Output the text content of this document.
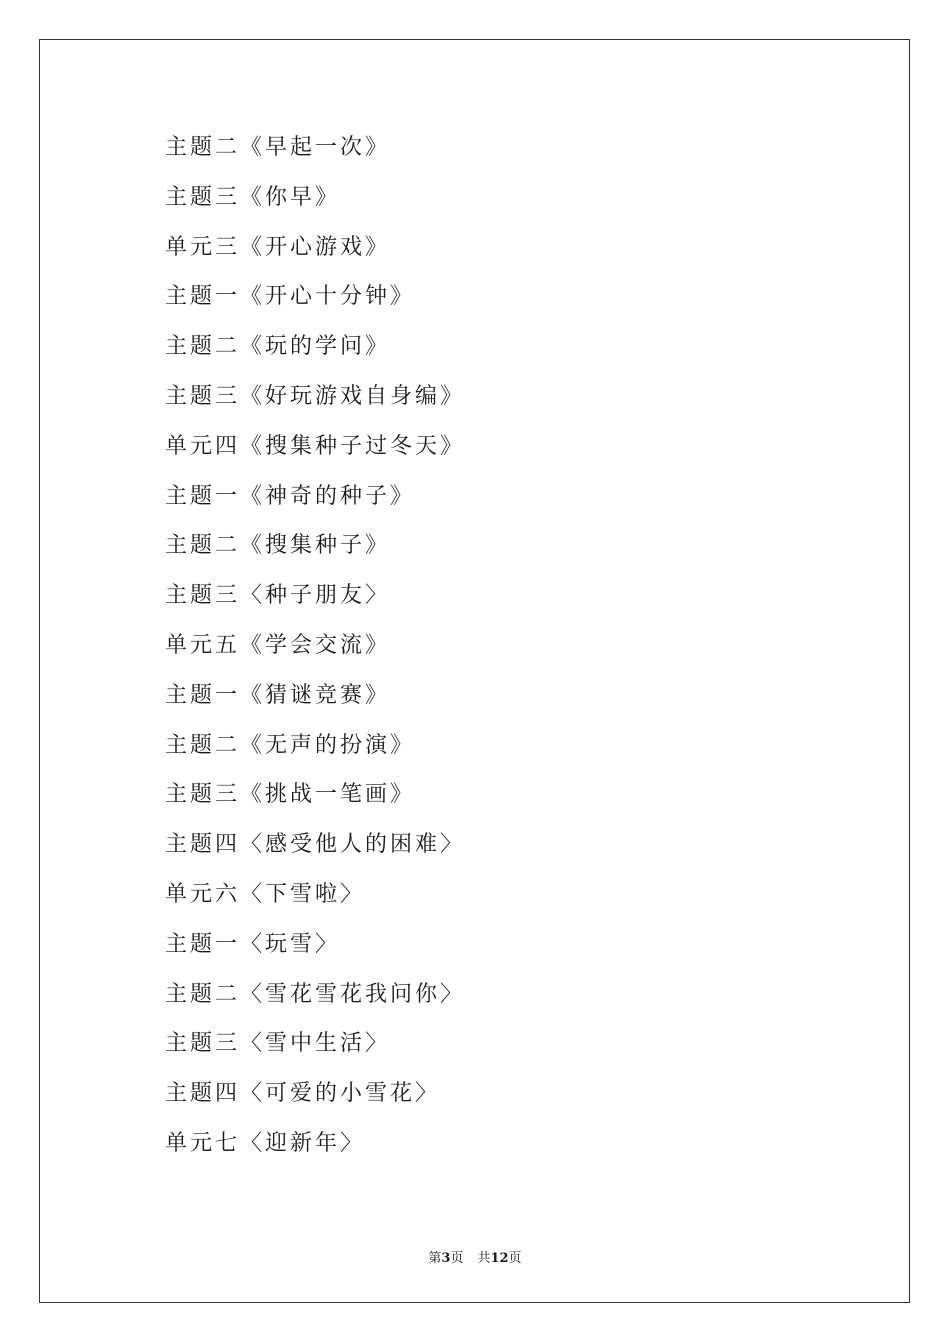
主题二《早起一次》
主题三《你早》
单元三《开心游戏》
主题一《开心十分钟》
主题二《玩的学问》
主题三《好玩游戏自身编》
单元四《搜集种子过冬天》
主题一《神奇的种子》
主题二《搜集种子》
主题三〈种子朋友〉
单元五《学会交流》
主题一《猜谜竞赛》
主题二《无声的扮演》
主题三《挑战一笔画》
主题四〈感受他人的困难〉
单元六〈下雪啦〉
主题一〈玩雪〉
主题二〈雪花雪花我问你〉
主题三〈雪中生活〉
主题四〈可爱的小雪花〉
单元七〈迎新年〉
第3页 共12页
